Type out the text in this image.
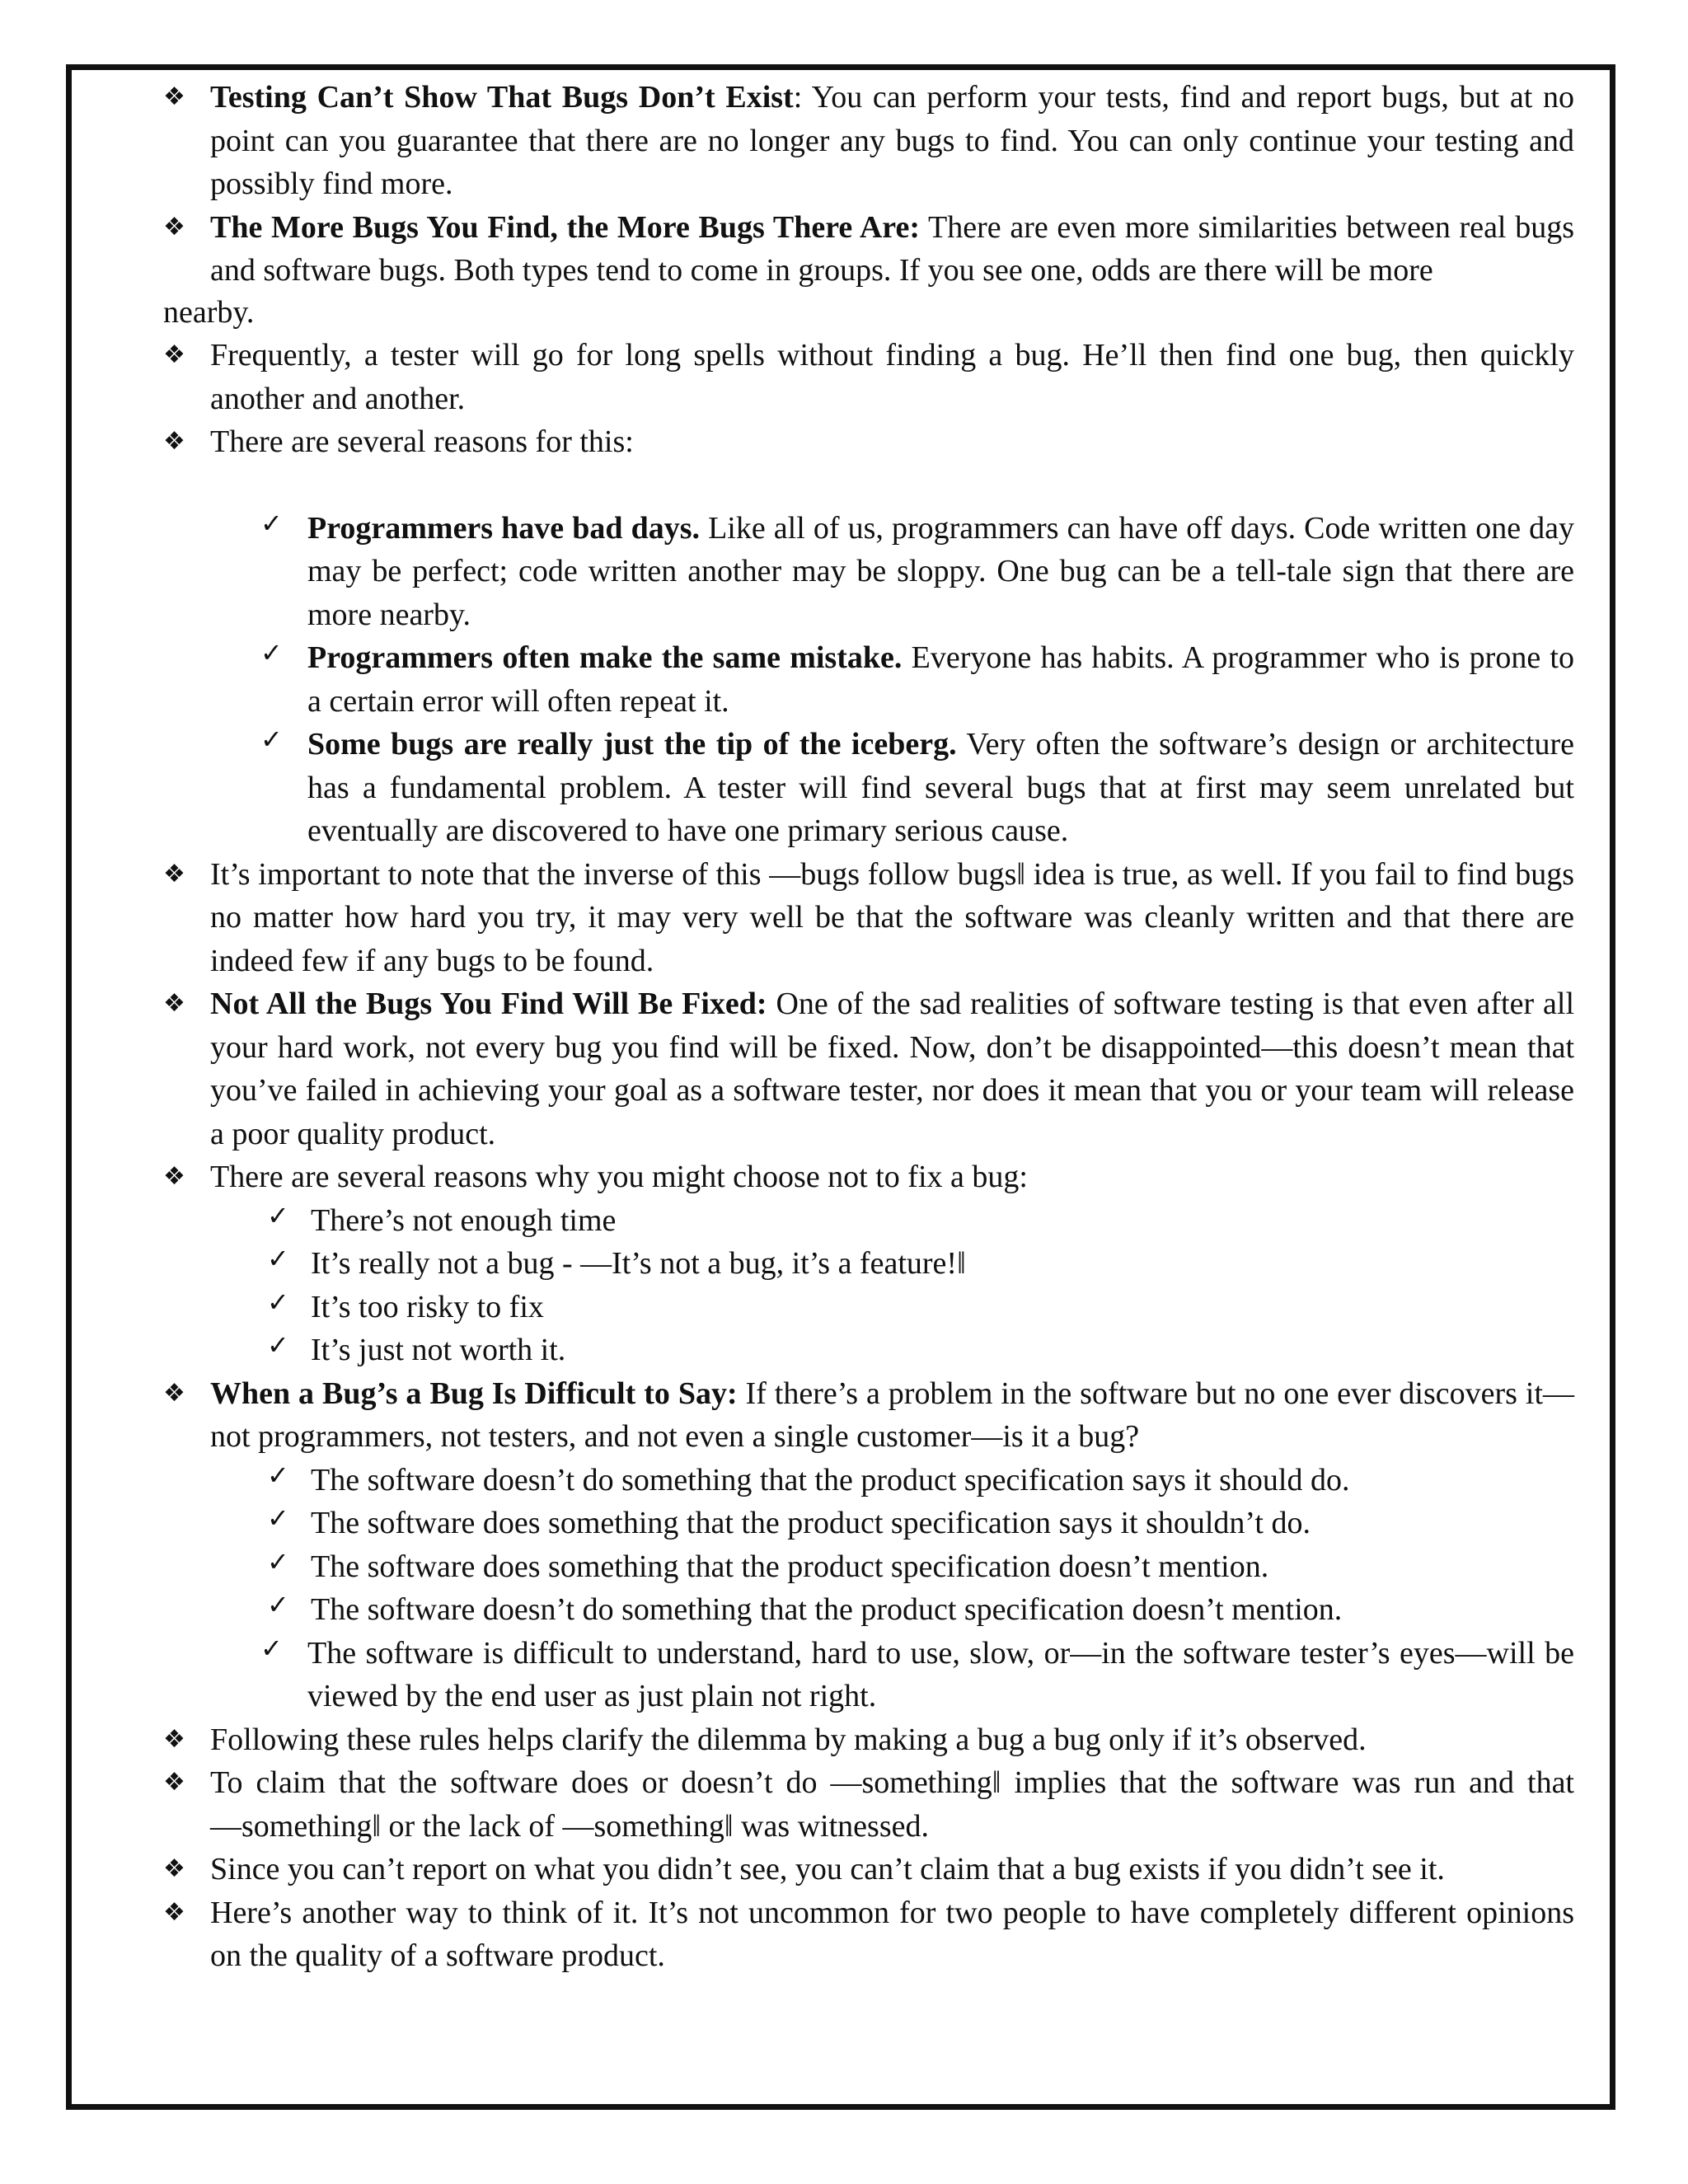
❖ Testing Can’t Show That Bugs Don’t Exist: You can perform your tests, find and report bugs, but at no point can you guarantee that there are no longer any bugs to find. You can only continue your testing and possibly find more.
❖ The More Bugs You Find, the More Bugs There Are: There are even more similarities between real bugs and software bugs. Both types tend to come in groups. If you see one, odds are there will be more
nearby.
❖ Frequently, a tester will go for long spells without finding a bug. He’ll then find one bug, then quickly another and another.
❖ There are several reasons for this:
✓ Programmers have bad days. Like all of us, programmers can have off days. Code written one day may be perfect; code written another may be sloppy. One bug can be a tell-tale sign that there are more nearby.
✓ Programmers often make the same mistake. Everyone has habits. A programmer who is prone to a certain error will often repeat it.
✓ Some bugs are really just the tip of the iceberg. Very often the software’s design or architecture has a fundamental problem. A tester will find several bugs that at first may seem unrelated but eventually are discovered to have one primary serious cause.
❖ It’s important to note that the inverse of this ―bugs follow bugs‖ idea is true, as well. If you fail to find bugs no matter how hard you try, it may very well be that the software was cleanly written and that there are indeed few if any bugs to be found.
❖ Not All the Bugs You Find Will Be Fixed: One of the sad realities of software testing is that even after all your hard work, not every bug you find will be fixed. Now, don’t be disappointed—this doesn’t mean that you’ve failed in achieving your goal as a software tester, nor does it mean that you or your team will release a poor quality product.
❖ There are several reasons why you might choose not to fix a bug:
✓ There’s not enough time
✓ It’s really not a bug - ―It’s not a bug, it’s a feature!‖
✓ It’s too risky to fix
✓ It’s just not worth it.
❖ When a Bug’s a Bug Is Difficult to Say: If there’s a problem in the software but no one ever discovers it—not programmers, not testers, and not even a single customer—is it a bug?
✓ The software doesn’t do something that the product specification says it should do.
✓ The software does something that the product specification says it shouldn’t do.
✓ The software does something that the product specification doesn’t mention.
✓ The software doesn’t do something that the product specification doesn’t mention.
✓ The software is difficult to understand, hard to use, slow, or—in the software tester’s eyes—will be viewed by the end user as just plain not right.
❖ Following these rules helps clarify the dilemma by making a bug a bug only if it’s observed.
❖ To claim that the software does or doesn’t do ―something‖ implies that the software was run and that ―something‖ or the lack of ―something‖ was witnessed.
❖ Since you can’t report on what you didn’t see, you can’t claim that a bug exists if you didn’t see it.
❖ Here’s another way to think of it. It’s not uncommon for two people to have completely different opinions on the quality of a software product.
